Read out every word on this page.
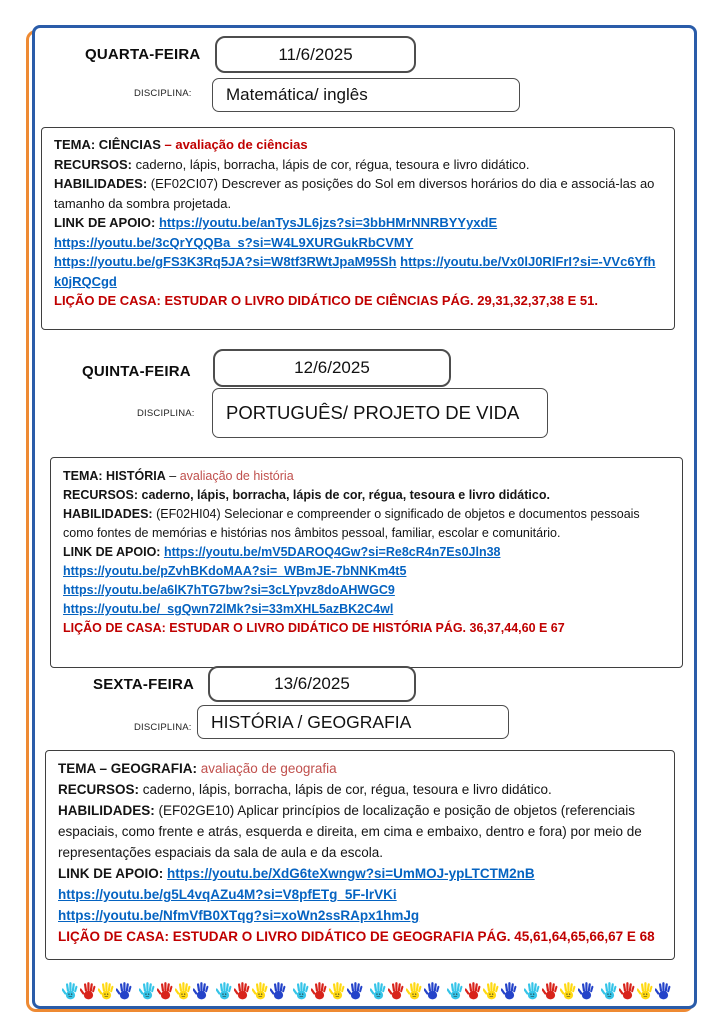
QUARTA-FEIRA	11/6/2025
DISCIPLINA: Matemática/ inglês

TEMA: CIÊNCIAS – avaliação de ciências

RECURSOS: caderno, lápis, borracha, lápis de cor, régua, tesoura e livro didático.

HABILIDADES: (EF02CI07) Descrever as posições do Sol em diversos horários do dia e associá-las ao tamanho da sombra projetada.

LINK DE APOIO: https://youtu.be/anTysJL6jzs?si=3bbHMrNNRBYYyxdE

https://youtu.be/3cQrYQQBa_s?si=W4L9XURGukRbCVMY

https://youtu.be/gFS3K3Rq5JA?si=W8tf3RWtJpaM95Sh https://youtu.be/Vx0lJ0RlFrI?si=-VVc6Yfhk0jRQCgd

LIÇÃO DE CASA: ESTUDAR O LIVRO DIDÁTICO DE CIÊNCIAS PÁG. 29,31,32,37,38 E 51.

QUINTA-FEIRA	12/6/2025
DISCIPLINA: PORTUGUÊS/ PROJETO DE VIDA

TEMA: HISTÓRIA – avaliação de história

RECURSOS: caderno, lápis, borracha, lápis de cor, régua, tesoura e livro didático.

HABILIDADES: (EF02HI04) Selecionar e compreender o significado de objetos e documentos pessoais como fontes de memórias e histórias nos âmbitos pessoal, familiar, escolar e comunitário.

LINK DE APOIO: https://youtu.be/mV5DAROQ4Gw?si=Re8cR4n7Es0Jln38

https://youtu.be/pZvhBKdoMAA?si=_WBmJE-7bNNKm4t5

https://youtu.be/a6lK7hTG7bw?si=3cLYpvz8doAHWGC9

https://youtu.be/_sgQwn72lMk?si=33mXHL5azBK2C4wl

LIÇÃO DE CASA: ESTUDAR O LIVRO DIDÁTICO DE HISTÓRIA PÁG. 36,37,44,60 E 67

SEXTA-FEIRA	13/6/2025
DISCIPLINA: HISTÓRIA / GEOGRAFIA

TEMA – GEOGRAFIA: avaliação de geografia

RECURSOS: caderno, lápis, borracha, lápis de cor, régua, tesoura e livro didático.

HABILIDADES: (EF02GE10) Aplicar princípios de localização e posição de objetos (referenciais espaciais, como frente e atrás, esquerda e direita, em cima e embaixo, dentro e fora) por meio de representações espaciais da sala de aula e da escola.

LINK DE APOIO: https://youtu.be/XdG6teXwngw?si=UmMOJ-ypLTCTM2nB

https://youtu.be/g5L4vqAZu4M?si=V8pfETg_5F-lrVKi

https://youtu.be/NfmVfB0XTqg?si=xoWn2ssRApx1hmJg

LIÇÃO DE CASA: ESTUDAR O LIVRO DIDÁTICO DE GEOGRAFIA PÁG. 45,61,64,65,66,67 E 68
